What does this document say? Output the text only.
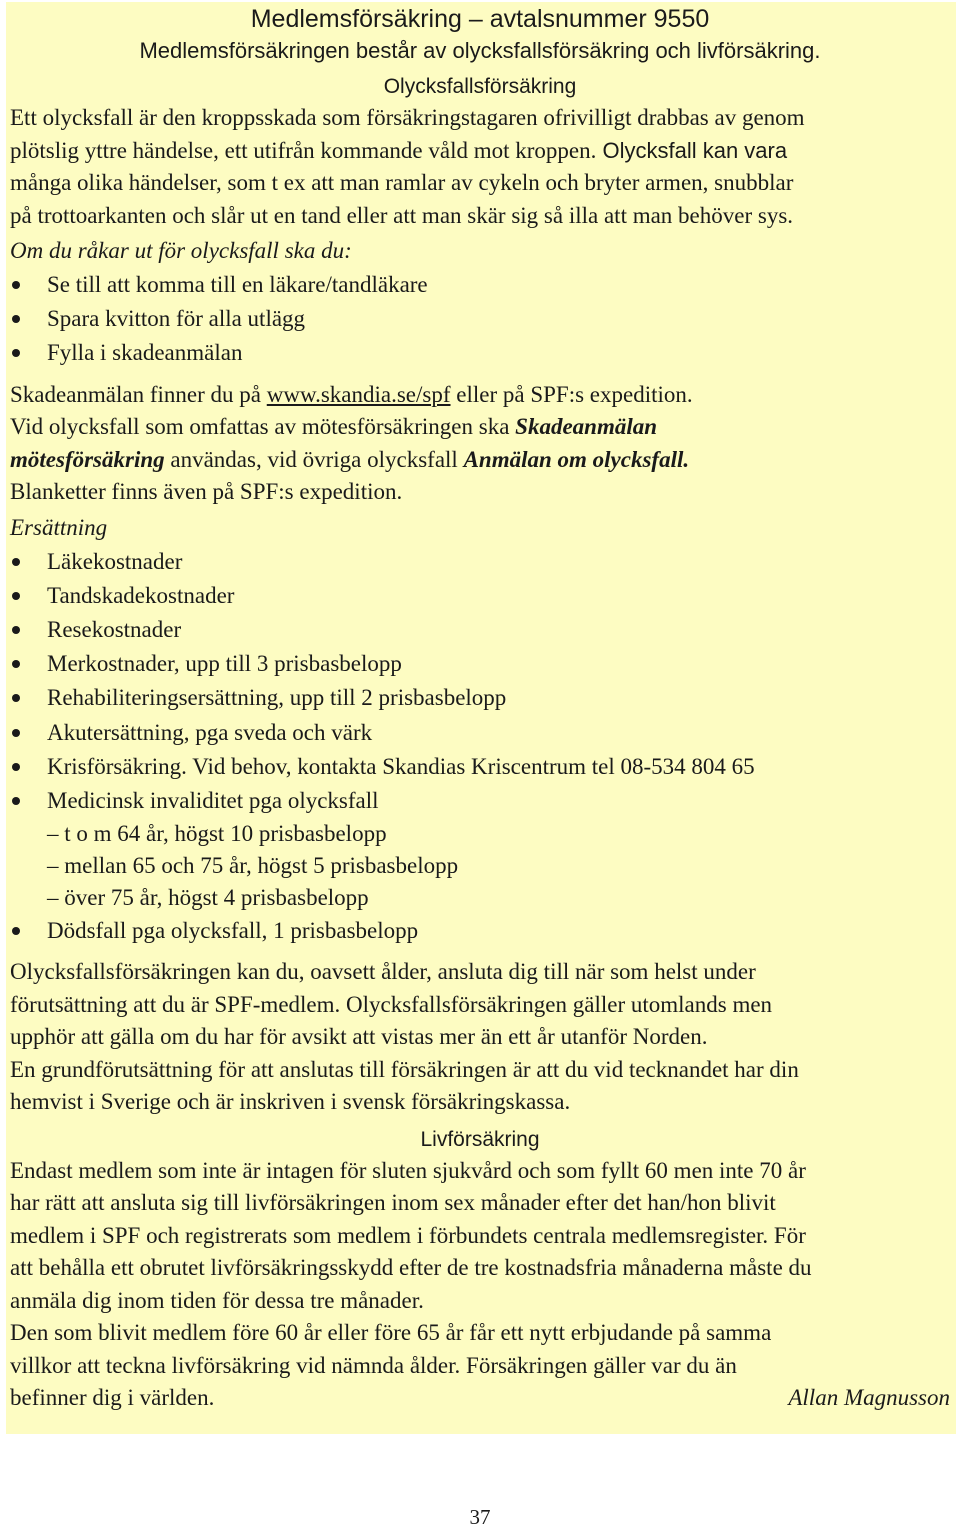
Medlemsförsäkring – avtalsnummer 9550
Medlemsförsäkringen består av olycksfallsförsäkring och livförsäkring.
Olycksfallsförsäkring
Ett olycksfall är den kroppsskada som försäkringstagaren ofrivilligt drabbas av genom
plötslig yttre händelse, ett utifrån kommande våld mot kroppen. Olycksfall kan vara
många olika händelser, som t ex att man ramlar av cykeln och bryter armen, snubblar
på trottoarkanten och slår ut en tand eller att man skär sig så illa att man behöver sys.
Om du råkar ut för olycksfall ska du:
Se till att komma till en läkare/tandläkare
Spara kvitton för alla utlägg
Fylla i skadeanmälan
Skadeanmälan finner du på www.skandia.se/spf eller på SPF:s expedition.
Vid olycksfall som omfattas av mötesförsäkringen ska Skadeanmälan
mötesförsäkring användas, vid övriga olycksfall Anmälan om olycksfall.
Blanketter finns även på SPF:s expedition.
Ersättning
Läkekostnader
Tandskadekostnader
Resekostnader
Merkostnader, upp till 3 prisbasbelopp
Rehabiliteringsersättning, upp till 2 prisbasbelopp
Akutersättning, pga sveda och värk
Krisförsäkring. Vid behov, kontakta Skandias Kriscentrum tel 08-534 804 65
Medicinsk invaliditet pga olycksfall
– t o m 64 år, högst 10 prisbasbelopp
– mellan 65 och 75 år, högst 5 prisbasbelopp
– över 75 år, högst 4 prisbasbelopp
Dödsfall pga olycksfall, 1 prisbasbelopp
Olycksfallsförsäkringen kan du, oavsett ålder, ansluta dig till när som helst under
förutsättning att du är SPF-medlem. Olycksfallsförsäkringen gäller utomlands men
upphör att gälla om du har för avsikt att vistas mer än ett år utanför Norden.
En grundförutsättning för att anslutas till försäkringen är att du vid tecknandet har din
hemvist i Sverige och är inskriven i svensk försäkringskassa.
Livförsäkring
Endast medlem som inte är intagen för sluten sjukvård och som fyllt 60 men inte 70 år
har rätt att ansluta sig till livförsäkringen inom sex månader efter det han/hon blivit
medlem i SPF och registrerats som medlem i förbundets centrala medlemsregister. För
att behålla ett obrutet livförsäkringsskydd efter de tre kostnadsfria månaderna måste du
anmäla dig inom tiden för dessa tre månader.
Den som blivit medlem före 60 år eller före 65 år får ett nytt erbjudande på samma
villkor att teckna livförsäkring vid nämnda ålder. Försäkringen gäller var du än
befinner dig i världen.	Allan Magnusson
37
